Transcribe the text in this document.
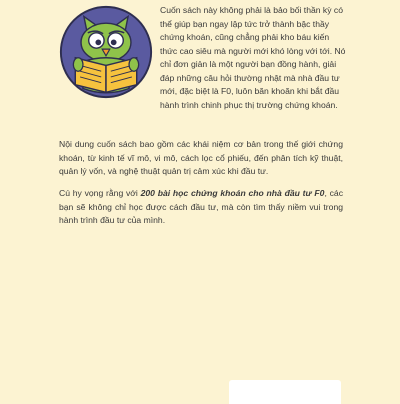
Cuốn sách này không phải là bảo bối thần kỳ có thể giúp bạn ngay lập tức trở thành bậc thầy chứng khoán, cũng chẳng phải kho báu kiến thức cao siêu mà người mới khó lòng với tới. Nó chỉ đơn giản là một người bạn đồng hành, giải đáp những câu hỏi thường nhật mà nhà đầu tư mới, đặc biệt là F0, luôn băn khoăn khi bắt đầu hành trình chinh phục thị trường chứng khoán.

Nội dung cuốn sách bao gồm các khái niệm cơ bản trong thế giới chứng khoán, từ kinh tế vĩ mô, vi mô, cách lọc cổ phiếu, đến phân tích kỹ thuật, quản lý vốn, và nghệ thuật quản trị cảm xúc khi đầu tư.

Cú hy vọng rằng với 200 bài học chứng khoán cho nhà đầu tư F0, các bạn sẽ không chỉ học được cách đầu tư, mà còn tìm thấy niềm vui trong hành trình đầu tư của mình.
